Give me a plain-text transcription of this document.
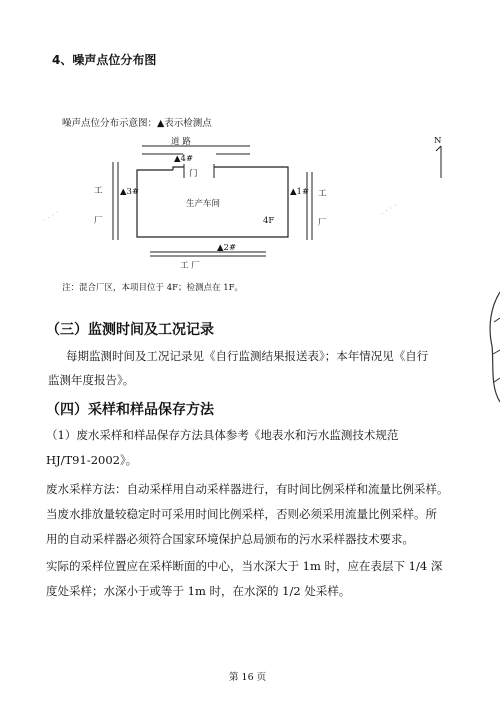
4、噪声点位分布图
噪声点位分布示意图：▲表示检测点
道 路	N
▲4#
门
生产车间
4F
▲3#	▲1#
▲2#
工
厂
工
厂
工 厂
· · · ·	· · · ·
注：混合厂区，本项目位于 4F；检测点在 1F。
（三）监测时间及工况记录
每期监测时间及工况记录见《自行监测结果报送表》；本年情况见《自行
监测年度报告》。
（四）采样和样品保存方法
（1）废水采样和样品保存方法具体参考《地表水和污水监测技术规范
HJ/T91-2002》。
废水采样方法：自动采样用自动采样器进行，有时间比例采样和流量比例采样。
当废水排放量较稳定时可采用时间比例采样，否则必须采用流量比例采样。所
用的自动采样器必须符合国家环境保护总局颁布的污水采样器技术要求。
实际的采样位置应在采样断面的中心，当水深大于 1m 时，应在表层下 1/4 深
度处采样；水深小于或等于 1m 时，在水深的 1/2 处采样。
第 16 页
